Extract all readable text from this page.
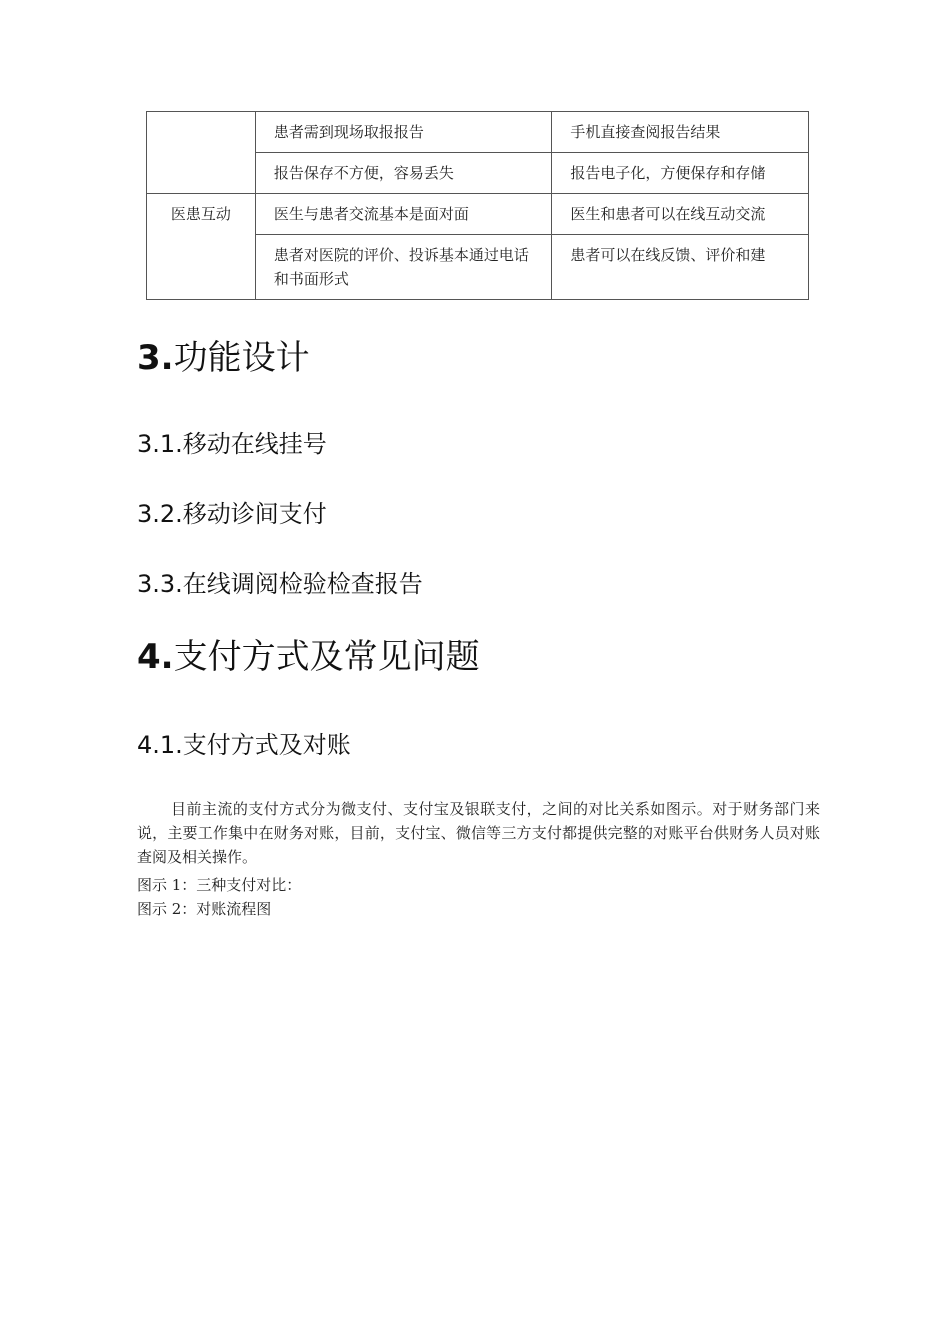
	患者需到现场取报报告	手机直接查阅报告结果
	报告保存不方便，容易丢失	报告电子化，方便保存和存储
医患互动	医生与患者交流基本是面对面	医生和患者可以在线互动交流
	患者对医院的评价、投诉基本通过电话和书面形式	患者可以在线反馈、评价和建
3.功能设计
3.1.移动在线挂号
3.2.移动诊间支付
3.3.在线调阅检验检查报告
4.支付方式及常见问题
4.1.支付方式及对账
目前主流的支付方式分为微支付、支付宝及银联支付，之间的对比关系如图示。对于财务部门来说，主要工作集中在财务对账，目前，支付宝、微信等三方支付都提供完整的对账平台供财务人员对账查阅及相关操作。
图示 1：三种支付对比：
图示 2：对账流程图
